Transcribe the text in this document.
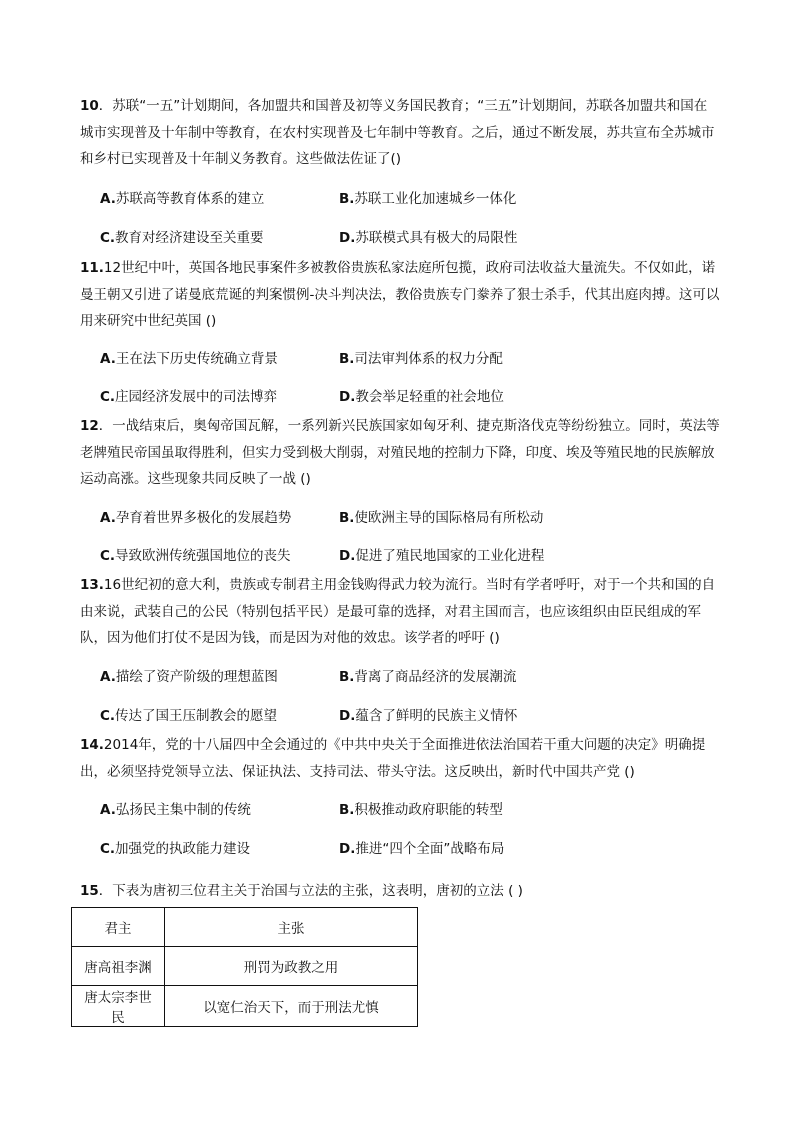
10．苏联“一五”计划期间，各加盟共和国普及初等义务国民教育；“三五”计划期间，苏联各加盟共和国在城市实现普及十年制中等教育，在农村实现普及七年制中等教育。之后，通过不断发展，苏共宣布全苏城市和乡村已实现普及十年制义务教育。这些做法佐证了()

A.苏联高等教育体系的建立	B.苏联工业化加速城乡一体化
C.教育对经济建设至关重要	D.苏联模式具有极大的局限性

11.12世纪中叶，英国各地民事案件多被教俗贵族私家法庭所包揽，政府司法收益大量流失。不仅如此，诺曼王朝又引进了诺曼底荒诞的判案惯例-决斗判决法，教俗贵族专门豢养了狠士杀手，代其出庭肉搏。这可以用来研究中世纪英国 ()

A.王在法下历史传统确立背景	B.司法审判体系的权力分配
C.庄园经济发展中的司法博弈	D.教会举足轻重的社会地位

12．一战结束后，奥匈帝国瓦解，一系列新兴民族国家如匈牙利、捷克斯洛伐克等纷纷独立。同时，英法等老牌殖民帝国虽取得胜利，但实力受到极大削弱，对殖民地的控制力下降，印度、埃及等殖民地的民族解放运动高涨。这些现象共同反映了一战 ()

A.孕育着世界多极化的发展趋势	B.使欧洲主导的国际格局有所松动
C.导致欧洲传统强国地位的丧失	D.促进了殖民地国家的工业化进程

13.16世纪初的意大利，贵族或专制君主用金钱购得武力较为流行。当时有学者呼吁，对于一个共和国的自由来说，武装自己的公民（特别包括平民）是最可靠的选择，对君主国而言，也应该组织由臣民组成的军队，因为他们打仗不是因为钱，而是因为对他的效忠。该学者的呼吁 ()

A.描绘了资产阶级的理想蓝图	B.背离了商品经济的发展潮流
C.传达了国王压制教会的愿望	D.蕴含了鲜明的民族主义情怀

14.2014年，党的十八届四中全会通过的《中共中央关于全面推进依法治国若干重大问题的决定》明确提出，必须坚持党领导立法、保证执法、支持司法、带头守法。这反映出，新时代中国共产党 ()

A.弘扬民主集中制的传统	B.积极推动政府职能的转型
C.加强党的执政能力建设	D.推进“四个全面”战略布局

15．下表为唐初三位君主关于治国与立法的主张，这表明，唐初的立法 ( )

君主	主张
唐高祖李渊	刑罚为政教之用
唐太宗李世民	以宽仁治天下，而于刑法尤慎
